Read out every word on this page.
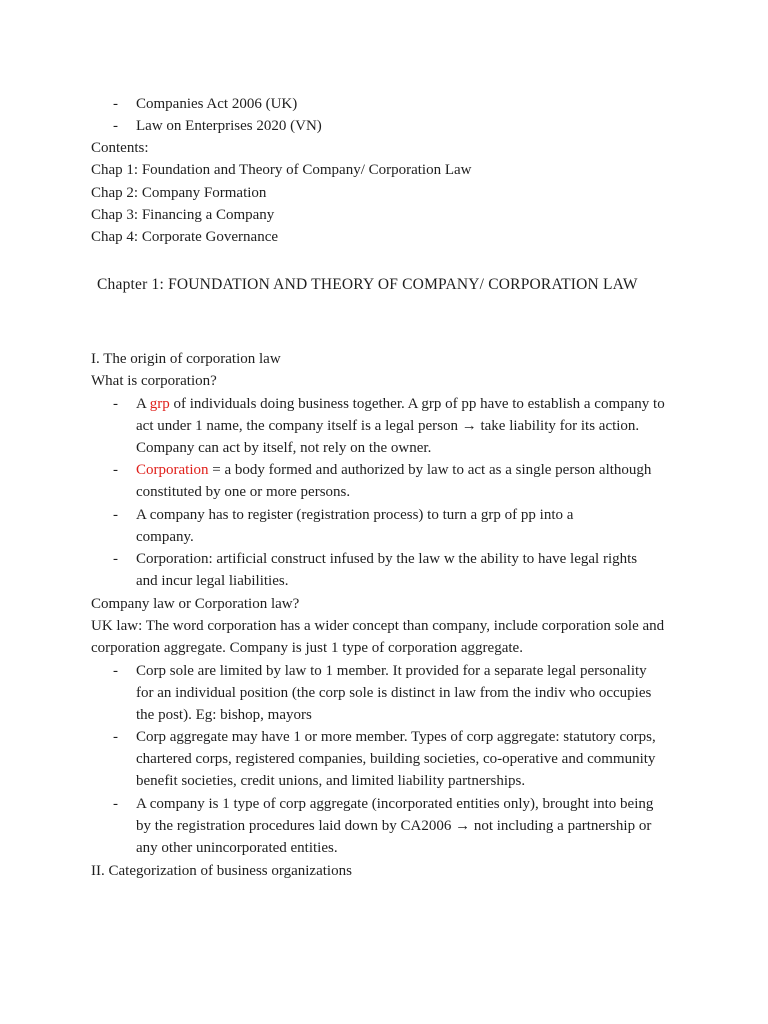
- Companies Act 2006 (UK)
- Law on Enterprises 2020 (VN)
Contents:
Chap 1: Foundation and Theory of Company/ Corporation Law
Chap 2: Company Formation
Chap 3: Financing a Company
Chap 4: Corporate Governance
Chapter 1: FOUNDATION AND THEORY OF COMPANY/ CORPORATION LAW
I. The origin of corporation law
What is corporation?
- A grp of individuals doing business together. A grp of pp have to establish a company to act under 1 name, the company itself is a legal person → take liability for its action. Company can act by itself, not rely on the owner.
- Corporation = a body formed and authorized by law to act as a single person although constituted by one or more persons.
- A company has to register (registration process) to turn a grp of pp into a company.
- Corporation: artificial construct infused by the law w the ability to have legal rights and incur legal liabilities.
Company law or Corporation law?
UK law: The word corporation has a wider concept than company, include corporation sole and corporation aggregate. Company is just 1 type of corporation aggregate.
- Corp sole are limited by law to 1 member. It provided for a separate legal personality for an individual position (the corp sole is distinct in law from the indiv who occupies the post). Eg: bishop, mayors
- Corp aggregate may have 1 or more member. Types of corp aggregate: statutory corps, chartered corps, registered companies, building societies, co-operative and community benefit societies, credit unions, and limited liability partnerships.
- A company is 1 type of corp aggregate (incorporated entities only), brought into being by the registration procedures laid down by CA2006 → not including a partnership or any other unincorporated entities.
II. Categorization of business organizations
